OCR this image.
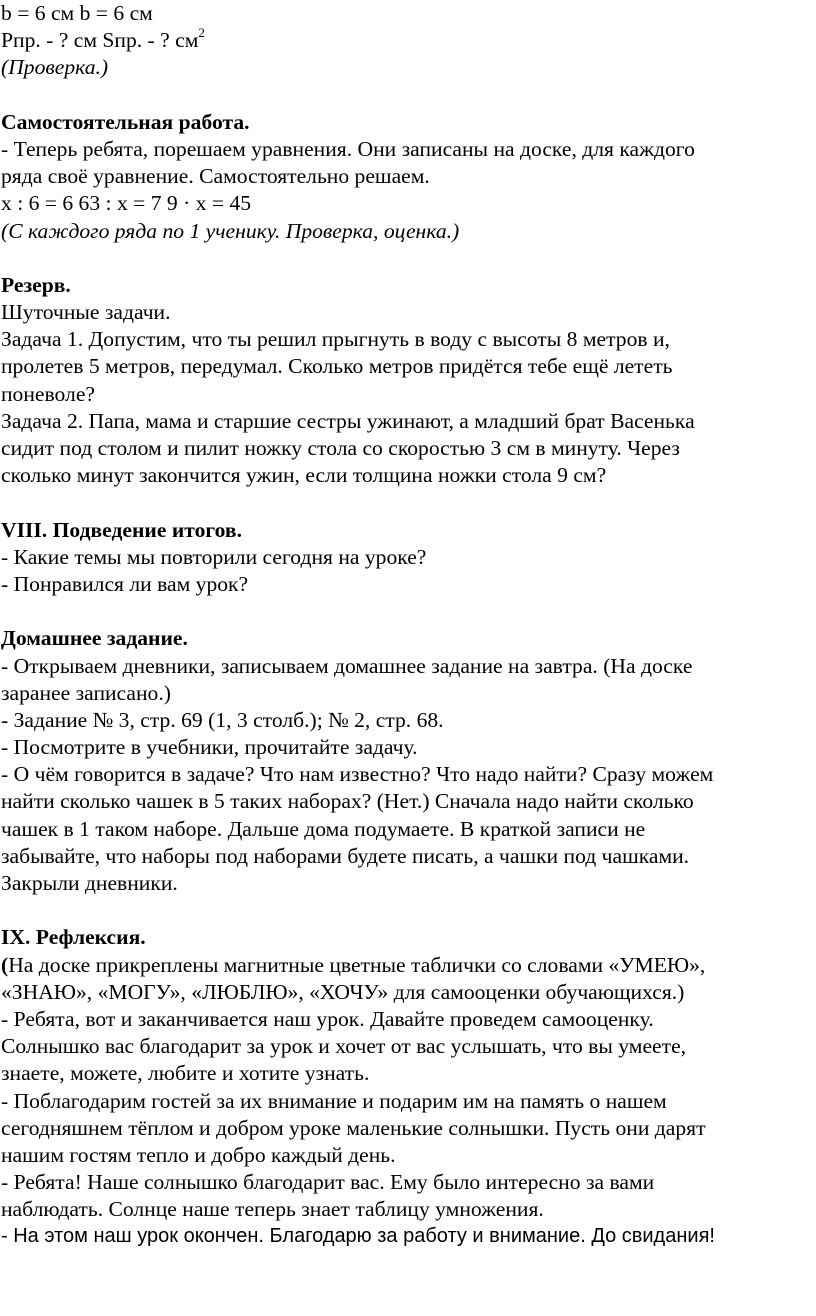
b = 6 см b = 6 см

Pпр. - ? см Sпр. - ? $см^2$

(Проверка.)

Самостоятельная работа.

- Теперь ребята, порешаем уравнения. Они записаны на доске, для каждого

ряда своё уравнение. Самостоятельно решаем.

x : 6 = 6 63 : x = 7 9 · x = 45

(С каждого ряда по 1 ученику. Проверка, оценка.)

Резерв.

Шуточные задачи.

Задача 1. Допустим, что ты решил прыгнуть в воду с высоты 8 метров и,

пролетев 5 метров, передумал. Сколько метров придётся тебе ещё лететь

поневоле?

Задача 2. Папа, мама и старшие сестры ужинают, а младший брат Васенька

сидит под столом и пилит ножку стола со скоростью 3 см в минуту. Через

сколько минут закончится ужин, если толщина ножки стола 9 см?

VIII. Подведение итогов.

- Какие темы мы повторили сегодня на уроке?

- Понравился ли вам урок?

Домашнее задание.

- Открываем дневники, записываем домашнее задание на завтра. (На доске

заранее записано.)

- Задание № 3, стр. 69 (1, 3 столб.); № 2, стр. 68.

- Посмотрите в учебники, прочитайте задачу.

- О чём говорится в задаче? Что нам известно? Что надо найти? Сразу можем

найти сколько чашек в 5 таких наборах? (Нет.) Сначала надо найти сколько

чашек в 1 таком наборе. Дальше дома подумаете. В краткой записи не

забывайте, что наборы под наборами будете писать, а чашки под чашками.

Закрыли дневники.

IX. Рефлексия.

(На доске прикреплены магнитные цветные таблички со словами «УМЕЮ»,

«ЗНАЮ», «МОГУ», «ЛЮБЛЮ», «ХОЧУ» для самооценки обучающихся.)

- Ребята, вот и заканчивается наш урок. Давайте проведем самооценку.

Солнышко вас благодарит за урок и хочет от вас услышать, что вы умеете,

знаете, можете, любите и хотите узнать.

- Поблагодарим гостей за их внимание и подарим им на память о нашем

сегодняшнем тёплом и добром уроке маленькие солнышки. Пусть они дарят

нашим гостям тепло и добро каждый день.

- Ребята! Наше солнышко благодарит вас. Ему было интересно за вами

наблюдать. Солнце наше теперь знает таблицу умножения.

- На этом наш урок окончен. Благодарю за работу и внимание. До свидания!
